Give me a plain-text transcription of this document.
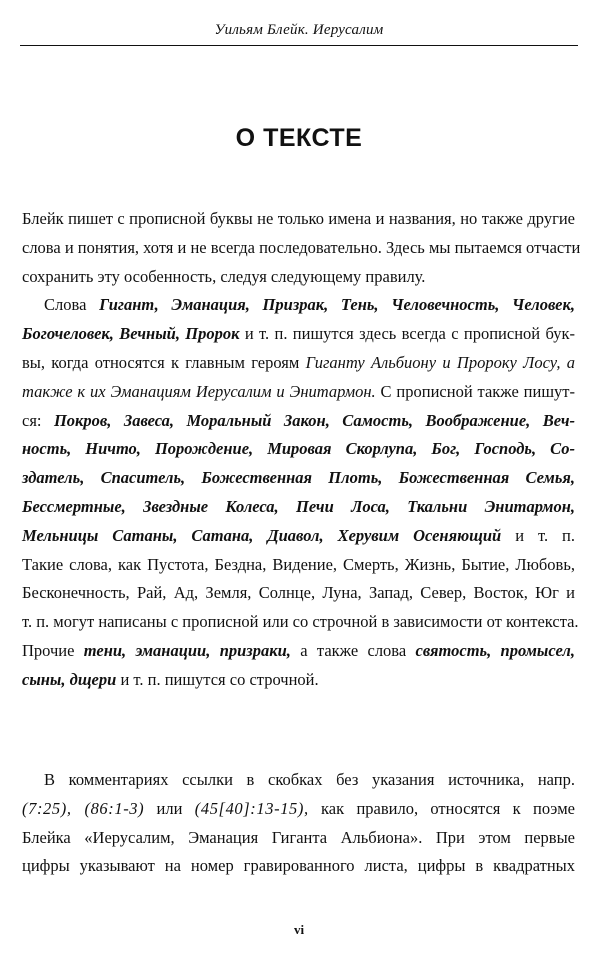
Уильям Блейк. Иерусалим
О ТЕКСТЕ
Блейк пишет с прописной буквы не только имена и названия, но также другие
слова и понятия, хотя и не всегда последовательно. Здесь мы пытаемся отчасти
сохранить эту особенность, следуя следующему правилу.
Слова Гигант, Эманация, Призрак, Тень, Человечность, Человек,
Богочеловек, Вечный, Пророк и т. п. пишутся здесь всегда с прописной бук-
вы, когда относятся к главным героям Гиганту Альбиону и Пророку Лосу, а
также к их Эманациям Иерусалим и Энитармон. С прописной также пишут-
ся: Покров, Завеса, Моральный Закон, Самость, Воображение, Веч-
ность, Ничто, Порождение, Мировая Скорлупа, Бог, Господь, Со-
здатель, Спаситель, Божественная Плоть, Божественная Семья,
Бессмертные, Звездные Колеса, Печи Лоса, Ткальни Энитармон,
Мельницы Сатаны, Сатана, Диавол, Херувим Осеняющий и т. п.
Такие слова, как Пустота, Бездна, Видение, Смерть, Жизнь, Бытие, Любовь,
Бесконечность, Рай, Ад, Земля, Солнце, Луна, Запад, Север, Восток, Юг и
т. п. могут написаны с прописной или со строчной в зависимости от контекста.
Прочие тени, эманации, призраки, а также слова святость, промысел,
сыны, дщери и т. п. пишутся со строчной.
В комментариях ссылки в скобках без указания источника, напр.
(7:25), (86:1-3) или (45[40]:13-15), как правило, относятся к поэме
Блейка «Иерусалим, Эманация Гиганта Альбиона». При этом первые
цифры указывают на номер гравированного листа, цифры в квадратных
vi
